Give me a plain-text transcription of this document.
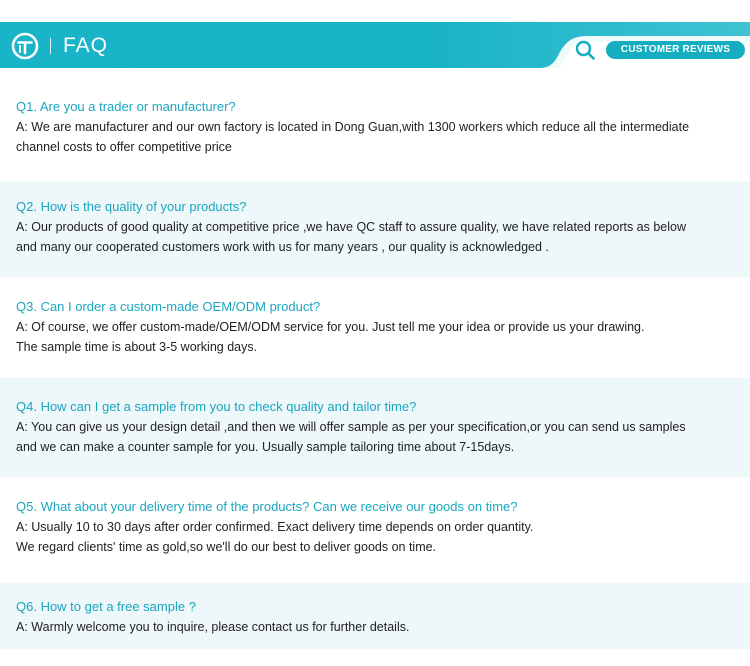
FAQ	CUSTOMER REVIEWS
Q1. Are you a trader or manufacturer?

A: We are manufacturer and our own factory is located in Dong Guan,with 1300 workers which reduce all the intermediate
channel costs to offer competitive price

Q2. How is the quality of your products?

A: Our products of good quality at competitive price ,we have QC staff to assure quality, we have related reports as below
and many our cooperated customers work with us for many years , our quality is acknowledged .

Q3. Can I order a custom-made OEM/ODM product?

A: Of course, we offer custom-made/OEM/ODM service for you. Just tell me your idea or provide us your drawing.
The sample time is about 3-5 working days.

Q4. How can I get a sample from you to check quality and tailor time?

A: You can give us your design detail ,and then we will offer sample as per your specification,or you can send us samples
and we can make a counter sample for you. Usually sample tailoring time about 7-15days.

Q5. What about your delivery time of the products? Can we receive our goods on time?

A: Usually 10 to 30 days after order confirmed. Exact delivery time depends on order quantity.
We regard clients' time as gold,so we'll do our best to deliver goods on time.

Q6. How to get a free sample ?

A: Warmly welcome you to inquire, please contact us for further details.
